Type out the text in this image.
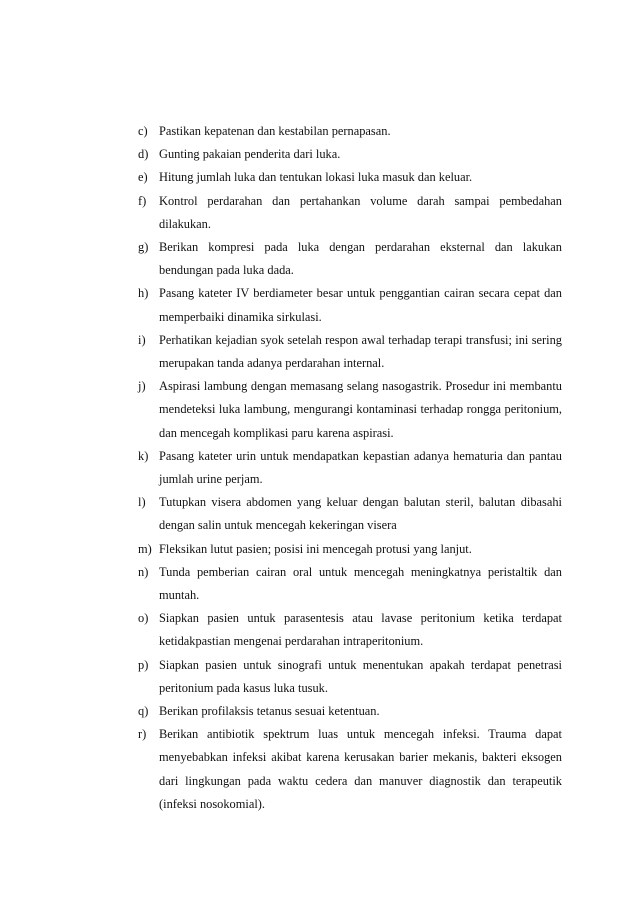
c) Pastikan kepatenan dan kestabilan pernapasan.
d) Gunting pakaian penderita dari luka.
e) Hitung jumlah luka dan tentukan lokasi luka masuk dan keluar.
f)	Kontrol perdarahan dan pertahankan volume darah sampai pembedahan dilakukan.
g) Berikan kompresi pada luka dengan perdarahan eksternal dan lakukan bendungan pada luka dada.
h) Pasang kateter IV berdiameter besar untuk penggantian cairan secara cepat dan memperbaiki dinamika sirkulasi.
i)	Perhatikan kejadian syok setelah respon awal terhadap terapi transfusi; ini sering merupakan tanda adanya perdarahan internal.
j)	Aspirasi lambung dengan memasang selang nasogastrik. Prosedur ini membantu mendeteksi luka lambung, mengurangi kontaminasi terhadap rongga peritonium, dan mencegah komplikasi paru karena aspirasi.
k) Pasang kateter urin untuk mendapatkan kepastian adanya hematuria dan pantau jumlah urine perjam.
l)	Tutupkan visera abdomen yang keluar dengan balutan steril, balutan dibasahi dengan salin untuk mencegah kekeringan visera
m) Fleksikan lutut pasien; posisi ini mencegah protusi yang lanjut.
n) Tunda pemberian cairan oral untuk mencegah meningkatnya peristaltik dan muntah.
o) Siapkan pasien untuk parasentesis atau lavase peritonium ketika terdapat ketidakpastian mengenai perdarahan intraperitonium.
p) Siapkan pasien untuk sinografi untuk menentukan apakah terdapat penetrasi peritonium pada kasus luka tusuk.
q) Berikan profilaksis tetanus sesuai ketentuan.
r)	Berikan antibiotik spektrum luas untuk mencegah infeksi. Trauma dapat menyebabkan infeksi akibat karena kerusakan barier mekanis, bakteri eksogen dari lingkungan pada waktu cedera dan manuver diagnostik dan terapeutik (infeksi nosokomial).
